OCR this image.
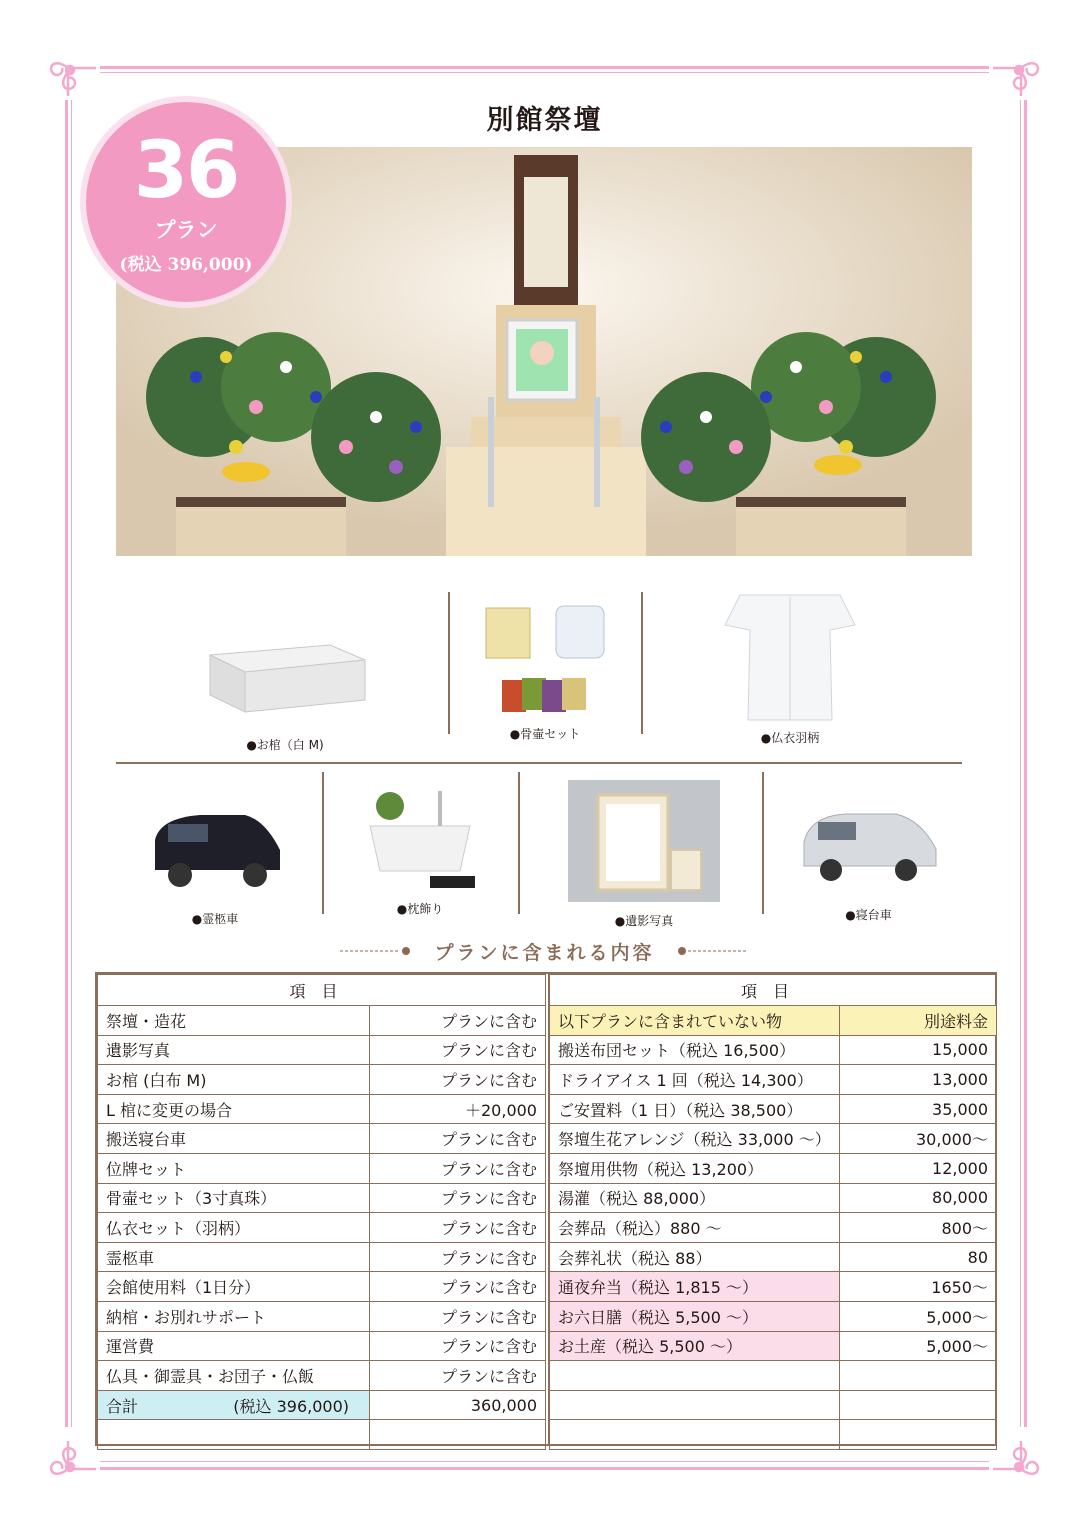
別館祭壇
36
プラン
(税込 396,000)
●お棺（白 M)
●骨壷セット	●仏衣羽柄
●霊柩車
●枕飾り
●遺影写真	●寝台車
プランに含まれる内容
項目	
祭壇・造花	プランに含む
遺影写真	プランに含む
お棺 (白布 M)	プランに含む
L 棺に変更の場合	＋20,000
搬送寝台車	プランに含む
位牌セット	プランに含む
骨壷セット（3寸真珠）	プランに含む
仏衣セット（羽柄）	プランに含む
霊柩車	プランに含む
会館使用料（1日分）	プランに含む
納棺・お別れサポート	プランに含む
運営費	プランに含む
仏具・御霊具・お団子・仏飯	プランに含む

合計 (税込 396,000)	360,000

項目	
以下プランに含まれていない物	別途料金
搬送布団セット（税込 16,500）	15,000
ドライアイス 1 回（税込 14,300）	13,000
ご安置料（1 日）（税込 38,500）	35,000
祭壇生花アレンジ（税込 33,000 〜）	30,000〜
祭壇用供物（税込 13,200）	12,000
湯灌（税込 88,000）	80,000
会葬品（税込）880 〜	800〜
会葬礼状（税込 88）	80
通夜弁当（税込 1,815 〜）	1650〜
お六日膳（税込 5,500 〜）	5,000〜
お土産（税込 5,500 〜）	5,000〜
